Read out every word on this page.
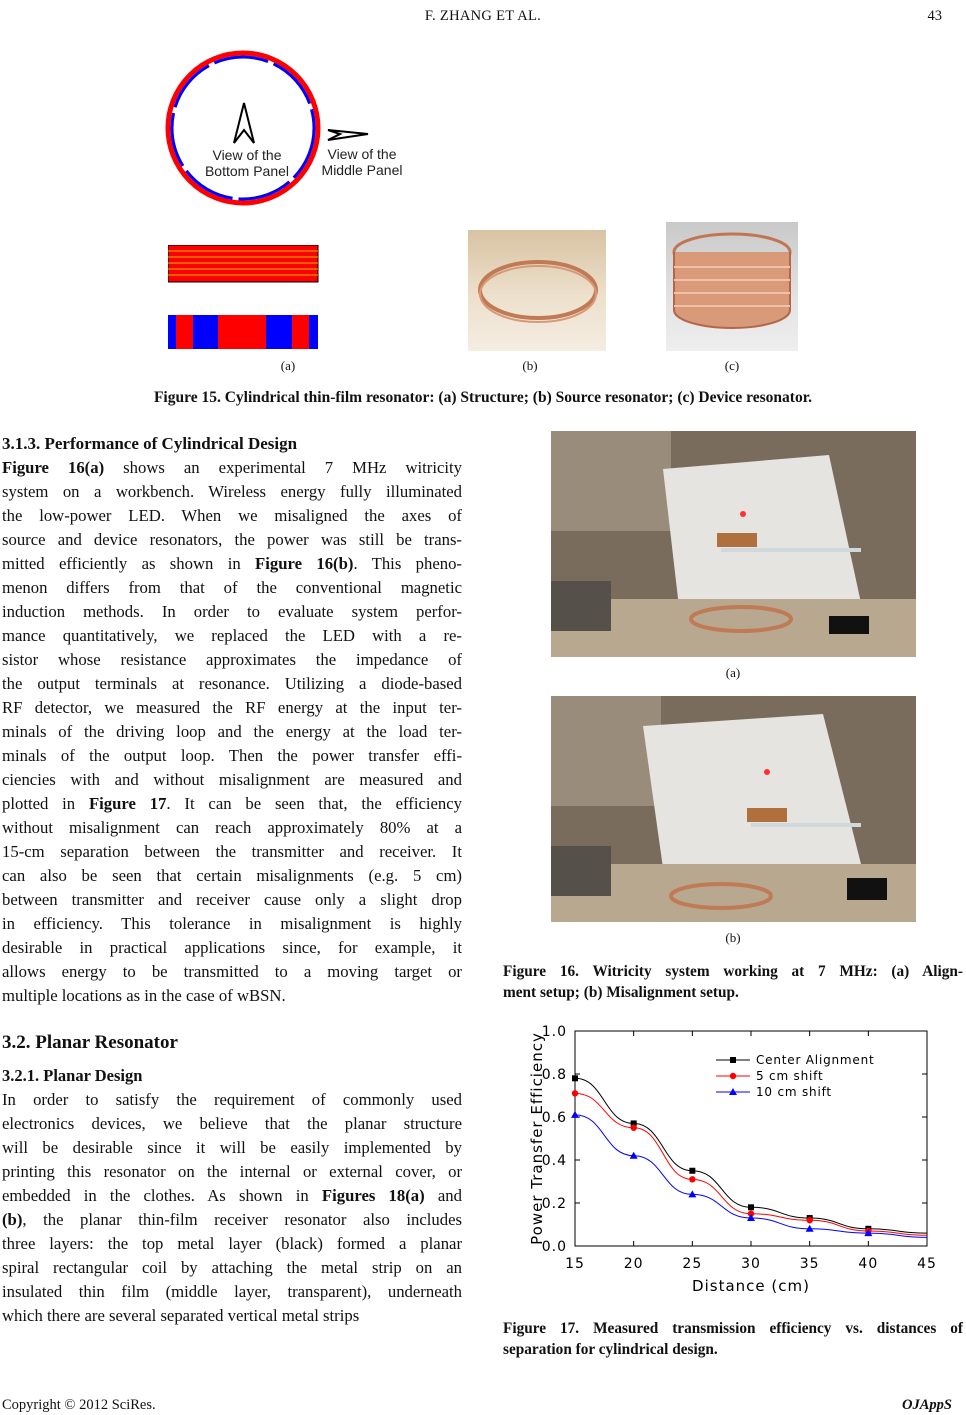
F. ZHANG ET AL.	43
View of the
Bottom Panel
View of the
Middle Panel
(a)	(b)	(c)
Figure 15. Cylindrical thin-film resonator: (a) Structure; (b) Source resonator; (c) Device resonator.
3.1.3. Performance of Cylindrical Design
Figure 16(a) shows an experimental 7 MHz witricity
system on a workbench. Wireless energy fully illuminated
the low-power LED. When we misaligned the axes of
source and device resonators, the power was still be trans-
mitted efficiently as shown in Figure 16(b). This pheno-
menon differs from that of the conventional magnetic
induction methods. In order to evaluate system perfor-
mance quantitatively, we replaced the LED with a re-
sistor whose resistance approximates the impedance of
the output terminals at resonance. Utilizing a diode-based
RF detector, we measured the RF energy at the input ter-
minals of the driving loop and the energy at the load ter-
minals of the output loop. Then the power transfer effi-
ciencies with and without misalignment are measured and
plotted in Figure 17. It can be seen that, the efficiency
without misalignment can reach approximately 80% at a
15-cm separation between the transmitter and receiver. It
can also be seen that certain misalignments (e.g. 5 cm)
between transmitter and receiver cause only a slight drop
in efficiency. This tolerance in misalignment is highly
desirable in practical applications since, for example, it
allows energy to be transmitted to a moving target or
multiple locations as in the case of wBSN.
3.2. Planar Resonator
3.2.1. Planar Design
In order to satisfy the requirement of commonly used
electronics devices, we believe that the planar structure
will be desirable since it will be easily implemented by
printing this resonator on the internal or external cover, or
embedded in the clothes. As shown in Figures 18(a) and
(b), the planar thin-film receiver resonator also includes
three layers: the top metal layer (black) formed a planar
spiral rectangular coil by attaching the metal strip on an
insulated thin film (middle layer, transparent), underneath
which there are several separated vertical metal strips
(a)
(b)
Figure 16. Witricity system working at 7 MHz: (a) Align-
ment setup; (b) Misalignment setup.
15	20	25	30	35	40	45
0.0
0.2
0.4
0.6
0.8
1.0
Distance (cm)
Power Transfer Efficiency	Center Alignment
5 cm shift
10 cm shift
Figure 17. Measured transmission efficiency vs. distances of
separation for cylindrical design.
Copyright © 2012 SciRes.	OJAppS
